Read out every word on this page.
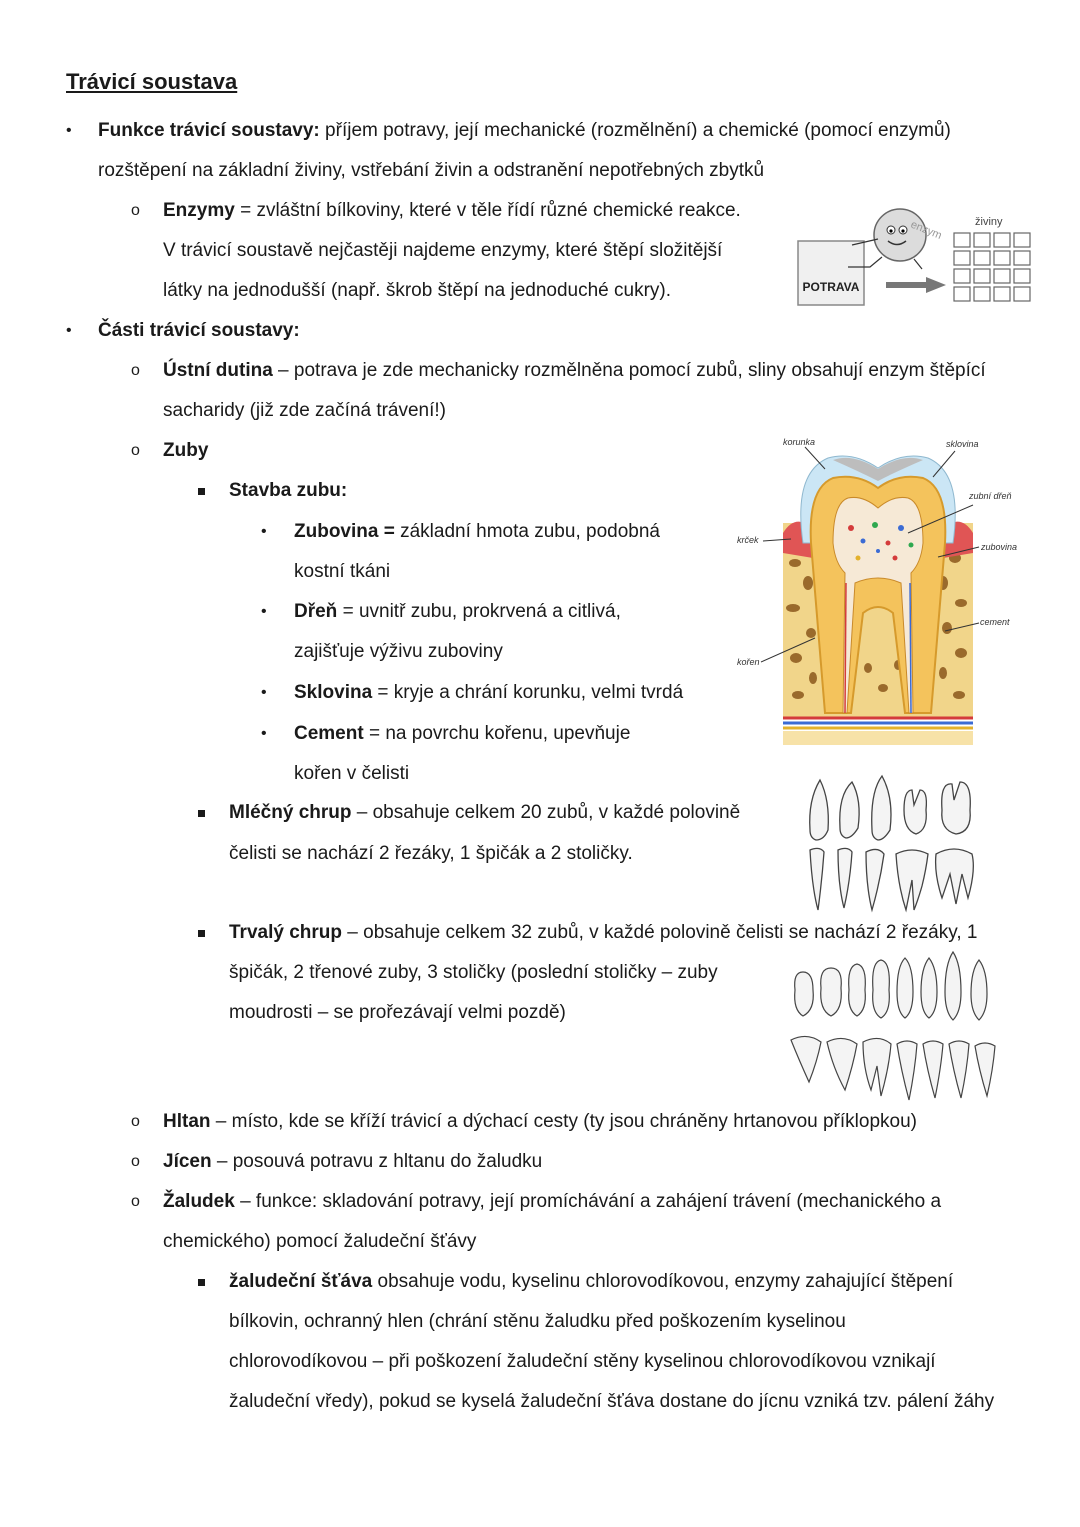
Trávicí soustava
• Funkce trávicí soustavy: příjem potravy, její mechanické (rozmělnění) a chemické (pomocí enzymů)
rozštěpení na základní živiny, vstřebání živin a odstranění nepotřebných zbytků
o Enzymy = zvláštní bílkoviny, které v těle řídí různé chemické reakce.
V trávicí soustavě nejčastěji najdeme enzymy, které štěpí složitější
látky na jednodušší (např. škrob štěpí na jednoduché cukry).	POTRAVA
enzym	živiny
• Části trávicí soustavy:
o Ústní dutina – potrava je zde mechanicky rozmělněna pomocí zubů, sliny obsahují enzym štěpící
sacharidy (již zde začíná trávení!)
o Zuby
Stavba zubu:
• Zubovina = základní hmota zubu, podobná
kostní tkáni
• Dřeň = uvnitř zubu, prokrvená a citlivá,
zajišťuje výživu zuboviny
• Sklovina = kryje a chrání korunku, velmi tvrdá
• Cement = na povrchu kořenu, upevňuje
kořen v čelisti
korunka	sklovina
zubní dřeň
krček
zubovina
cement
kořen
Mléčný chrup – obsahuje celkem 20 zubů, v každé polovině
čelisti se nachází 2 řezáky, 1 špičák a 2 stoličky.
Trvalý chrup – obsahuje celkem 32 zubů, v každé polovině čelisti se nachází 2 řezáky, 1
špičák, 2 třenové zuby, 3 stoličky (poslední stoličky – zuby
moudrosti – se prořezávají velmi pozdě)
o Hltan – místo, kde se kříží trávicí a dýchací cesty (ty jsou chráněny hrtanovou příklopkou)
o Jícen – posouvá potravu z hltanu do žaludku
o Žaludek – funkce: skladování potravy, její promíchávání a zahájení trávení (mechanického a
chemického) pomocí žaludeční šťávy
žaludeční šťáva obsahuje vodu, kyselinu chlorovodíkovou, enzymy zahajující štěpení
bílkovin, ochranný hlen (chrání stěnu žaludku před poškozením kyselinou
chlorovodíkovou – při poškození žaludeční stěny kyselinou chlorovodíkovou vznikají
žaludeční vředy), pokud se kyselá žaludeční šťáva dostane do jícnu vzniká tzv. pálení žáhy
